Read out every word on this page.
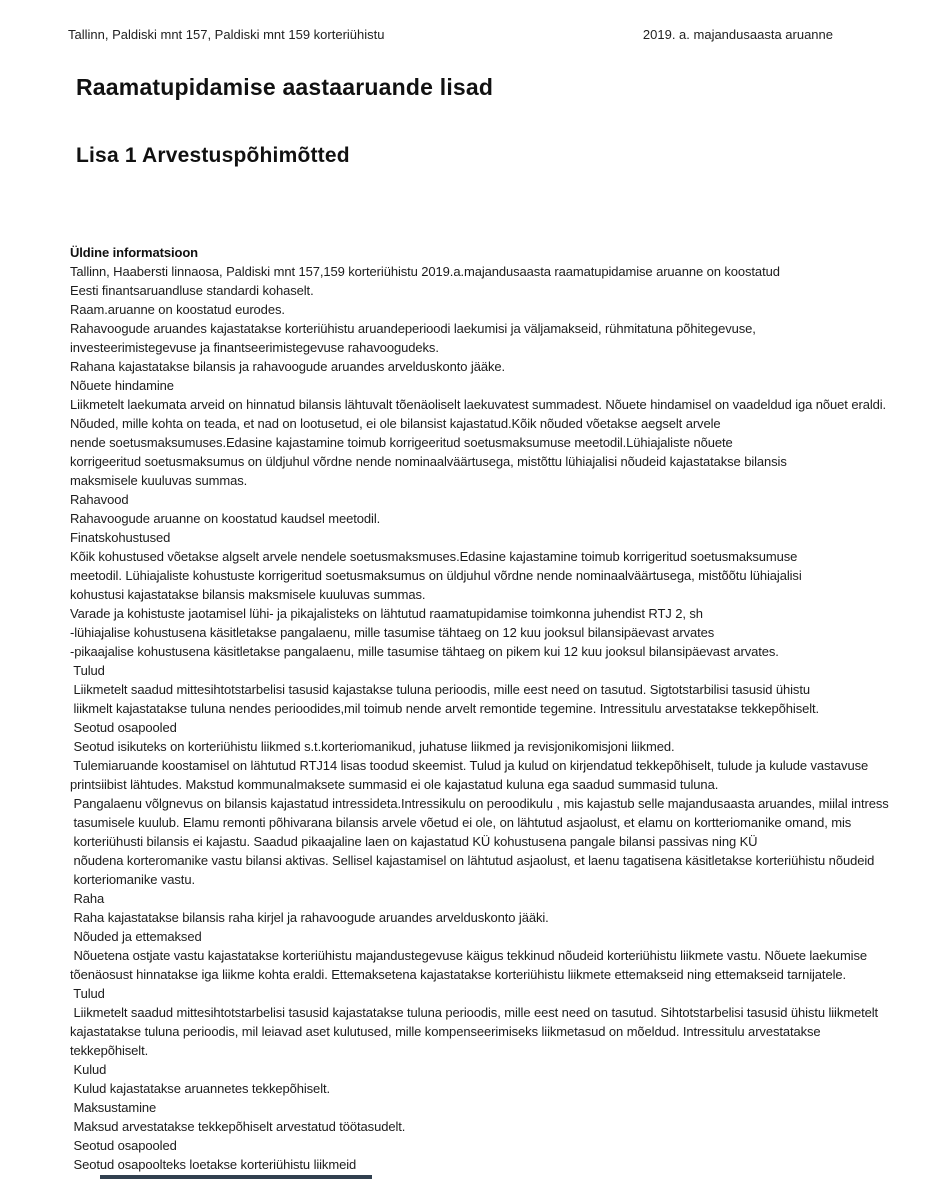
Tallinn, Paldiski mnt 157, Paldiski mnt 159 korteriühistu	2019. a. majandusaasta aruanne
Raamatupidamise aastaaruande lisad
Lisa 1 Arvestuspõhimõtted
Üldine informatsioon
Tallinn, Haabersti linnaosa, Paldiski mnt 157,159 korteriühistu 2019.a.majandusaasta raamatupidamise aruanne on koostatud
Eesti finantsaruandluse standardi kohaselt.
Raam.aruanne on koostatud eurodes.
Rahavoogude aruandes kajastatakse korteriühistu aruandeperioodi laekumisi ja väljamakseid, rühmitatuna põhitegevuse,
investeerimistegevuse ja finantseerimistegevuse rahavoogudeks.
Rahana kajastatakse bilansis ja rahavoogude aruandes arvelduskonto jääke.
Nõuete hindamine
Liikmetelt laekumata arveid on hinnatud bilansis lähtuvalt tõenäoliselt laekuvatest summadest. Nõuete hindamisel on vaadeldud iga nõuet eraldi.
Nõuded, mille kohta on teada, et nad on lootusetud, ei ole bilansist kajastatud.Kõik nõuded võetakse aegselt arvele
nende soetusmaksumuses.Edasine kajastamine toimub korrigeeritud soetusmaksumuse meetodil.Lühiajaliste nõuete
korrigeeritud soetusmaksumus on üldjuhul võrdne nende nominaalväärtusega, mistõttu lühiajalisi nõudeid kajastatakse bilansis
maksmisele kuuluvas summas.
Rahavood
Rahavoogude aruanne on koostatud kaudsel meetodil.
Finatskohustused
Kõik kohustused võetakse algselt arvele nendele soetusmaksmuses.Edasine kajastamine toimub korrigeritud soetusmaksumuse
meetodil. Lühiajaliste kohustuste korrigeritud soetusmaksumus on üldjuhul võrdne nende nominaalväärtusega, mistõõtu lühiajalisi
kohustusi kajastatakse bilansis maksmisele kuuluvas summas.
Varade ja kohistuste jaotamisel lühi- ja pikajalisteks on lähtutud raamatupidamise toimkonna juhendist RTJ 2, sh
-lühiajalise kohustusena käsitletakse pangalaenu, mille tasumise tähtaeg on 12 kuu jooksul bilansipäevast arvates
-pikaajalise kohustusena käsitletakse pangalaenu, mille tasumise tähtaeg on pikem kui 12 kuu jooksul bilansipäevast arvates.
Tulud
Liikmetelt saadud mittesihtotstarbelisi tasusid kajastakse tuluna perioodis, mille eest need on tasutud. Sigtotstarbilisi tasusid ühistu
liikmelt kajastatakse tuluna nendes perioodides,mil toimub nende arvelt remontide tegemine. Intressitulu arvestatakse tekkepõhiselt.
Seotud osapooled
Seotud isikuteks on korteriühistu liikmed s.t.korteriomanikud, juhatuse liikmed ja revisjonikomisjoni liikmed.
Tulemiaruande koostamisel on lähtutud RTJ14 lisas toodud skeemist. Tulud ja kulud on kirjendatud tekkepõhiselt, tulude ja kulude vastavuse
printsiibist lähtudes. Makstud kommunalmaksete summasid ei ole kajastatud kuluna ega saadud summasid tuluna.
Pangalaenu võlgnevus on bilansis kajastatud intressideta.Intressikulu on peroodikulu , mis kajastub selle majandusaasta aruandes, miilal intress
tasumisele kuulub. Elamu remonti põhivarana bilansis arvele võetud ei ole, on lähtutud asjaolust, et elamu on kortteriomanike omand, mis
korteriühusti bilansis ei kajastu. Saadud pikaajaline laen on kajastatud KÜ kohustusena pangale bilansi passivas ning KÜ
nõudena korteromanike vastu bilansi aktivas. Sellisel kajastamisel on lähtutud asjaolust, et laenu tagatisena käsitletakse korteriühistu nõudeid
korteriomanike vastu.
Raha
Raha kajastatakse bilansis raha kirjel ja rahavoogude aruandes arvelduskonto jääki.
Nõuded ja ettemaksed
Nõuetena ostjate vastu kajastatakse korteriühistu majandustegevuse käigus tekkinud nõudeid korteriühistu liikmete vastu. Nõuete laekumise
tõenäosust hinnatakse iga liikme kohta eraldi. Ettemaksetena kajastatakse korteriühistu liikmete ettemakseid ning ettemakseid tarnijatele.
Tulud
Liikmetelt saadud mittesihtotstarbelisi tasusid kajastatakse tuluna perioodis, mille eest need on tasutud. Sihtotstarbelisi tasusid ühistu liikmetelt
kajastatakse tuluna perioodis, mil leiavad aset kulutused, mille kompenseerimiseks liikmetasud on mõeldud. Intressitulu arvestatakse
tekkepõhiselt.
Kulud
Kulud kajastatakse aruannetes tekkepõhiselt.
Maksustamine
Maksud arvestatakse tekkepõhiselt arvestatud töötasudelt.
Seotud osapooled
Seotud osapoolteks loetakse korteriühistu liikmeid
